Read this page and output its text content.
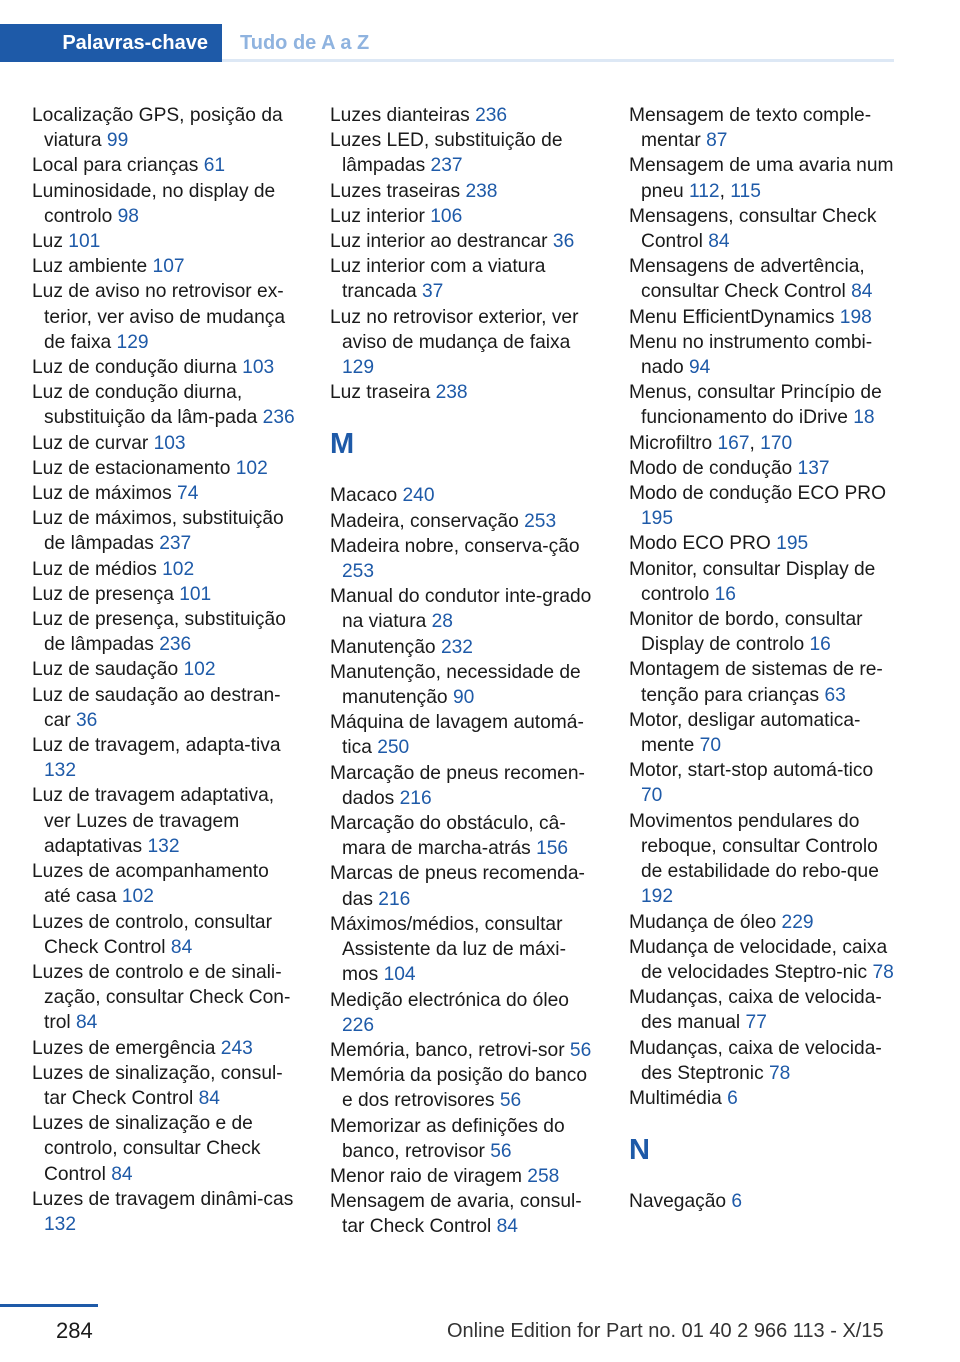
Palavras-chave	Tudo de A a Z
Localização GPS, posição da viatura 99
Local para crianças 61
Luminosidade, no display de controlo 98
Luz 101
Luz ambiente 107
Luz de aviso no retrovisor ex-terior, ver aviso de mudança de faixa 129
Luz de condução diurna 103
Luz de condução diurna, substituição da lâm-pada 236
Luz de curvar 103
Luz de estacionamento 102
Luz de máximos 74
Luz de máximos, substituição de lâmpadas 237
Luz de médios 102
Luz de presença 101
Luz de presença, substituição de lâmpadas 236
Luz de saudação 102
Luz de saudação ao destran-car 36
Luz de travagem, adapta-tiva 132
Luz de travagem adaptativa, ver Luzes de travagem adaptativas 132
Luzes de acompanhamento até casa 102
Luzes de controlo, consultar Check Control 84
Luzes de controlo e de sinali-zação, consultar Check Con-trol 84
Luzes de emergência 243
Luzes de sinalização, consul-tar Check Control 84
Luzes de sinalização e de controlo, consultar Check Control 84
Luzes de travagem dinâmi-cas 132
Luzes dianteiras 236
Luzes LED, substituição de lâmpadas 237
Luzes traseiras 238
Luz interior 106
Luz interior ao destrancar 36
Luz interior com a viatura trancada 37
Luz no retrovisor exterior, ver aviso de mudança de faixa 129
Luz traseira 238
M
Macaco 240
Madeira, conservação 253
Madeira nobre, conserva-ção 253
Manual do condutor inte-grado na viatura 28
Manutenção 232
Manutenção, necessidade de manutenção 90
Máquina de lavagem automá-tica 250
Marcação de pneus recomen-dados 216
Marcação do obstáculo, câ-mara de marcha-atrás 156
Marcas de pneus recomenda-das 216
Máximos/médios, consultar Assistente da luz de máxi-mos 104
Medição electrónica do óleo 226
Memória, banco, retrovi-sor 56
Memória da posição do banco e dos retrovisores 56
Memorizar as definições do banco, retrovisor 56
Menor raio de viragem 258
Mensagem de avaria, consul-tar Check Control 84
Mensagem de texto comple-mentar 87
Mensagem de uma avaria num pneu 112, 115
Mensagens, consultar Check Control 84
Mensagens de advertência, consultar Check Control 84
Menu EfficientDynamics 198
Menu no instrumento combi-nado 94
Menus, consultar Princípio de funcionamento do iDrive 18
Microfiltro 167, 170
Modo de condução 137
Modo de condução ECO PRO 195
Modo ECO PRO 195
Monitor, consultar Display de controlo 16
Monitor de bordo, consultar Display de controlo 16
Montagem de sistemas de re-tenção para crianças 63
Motor, desligar automatica-mente 70
Motor, start-stop automá-tico 70
Movimentos pendulares do reboque, consultar Controlo de estabilidade do rebo-que 192
Mudança de óleo 229
Mudança de velocidade, caixa de velocidades Steptro-nic 78
Mudanças, caixa de velocida-des manual 77
Mudanças, caixa de velocida-des Steptronic 78
Multimédia 6
N
Navegação 6
284	Online Edition for Part no. 01 40 2 966 113 - X/15
